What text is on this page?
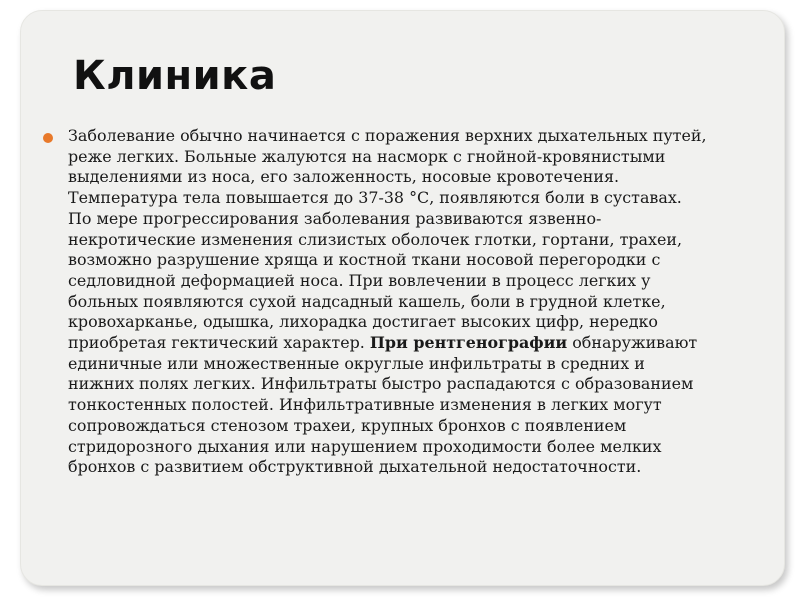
Клиника

Заболевание обычно начинается с поражения верхних дыхательных путей,
реже легких. Больные жалуются на насморк с гнойной-кровянистыми
выделениями из носа, его заложенность, носовые кровотечения.
Температура тела повышается до 37-38 °С, появляются боли в суставах.
По мере прогрессирования заболевания развиваются язвенно-
некротические изменения слизистых оболочек глотки, гортани, трахеи,
возможно разрушение хряща и костной ткани носовой перегородки с
седловидной деформацией носа. При вовлечении в процесс легких у
больных появляются сухой надсадный кашель, боли в грудной клетке,
кровохарканье, одышка, лихорадка достигает высоких цифр, нередко
приобретая гектический характер. При рентгенографии обнаруживают
единичные или множественные округлые инфильтраты в средних и
нижних полях легких. Инфильтраты быстро распадаются с образованием
тонкостенных полостей. Инфильтративные изменения в легких могут
сопровождаться стенозом трахеи, крупных бронхов с появлением
стридорозного дыхания или нарушением проходимости более мелких
бронхов с развитием обструктивной дыхательной недостаточности.
